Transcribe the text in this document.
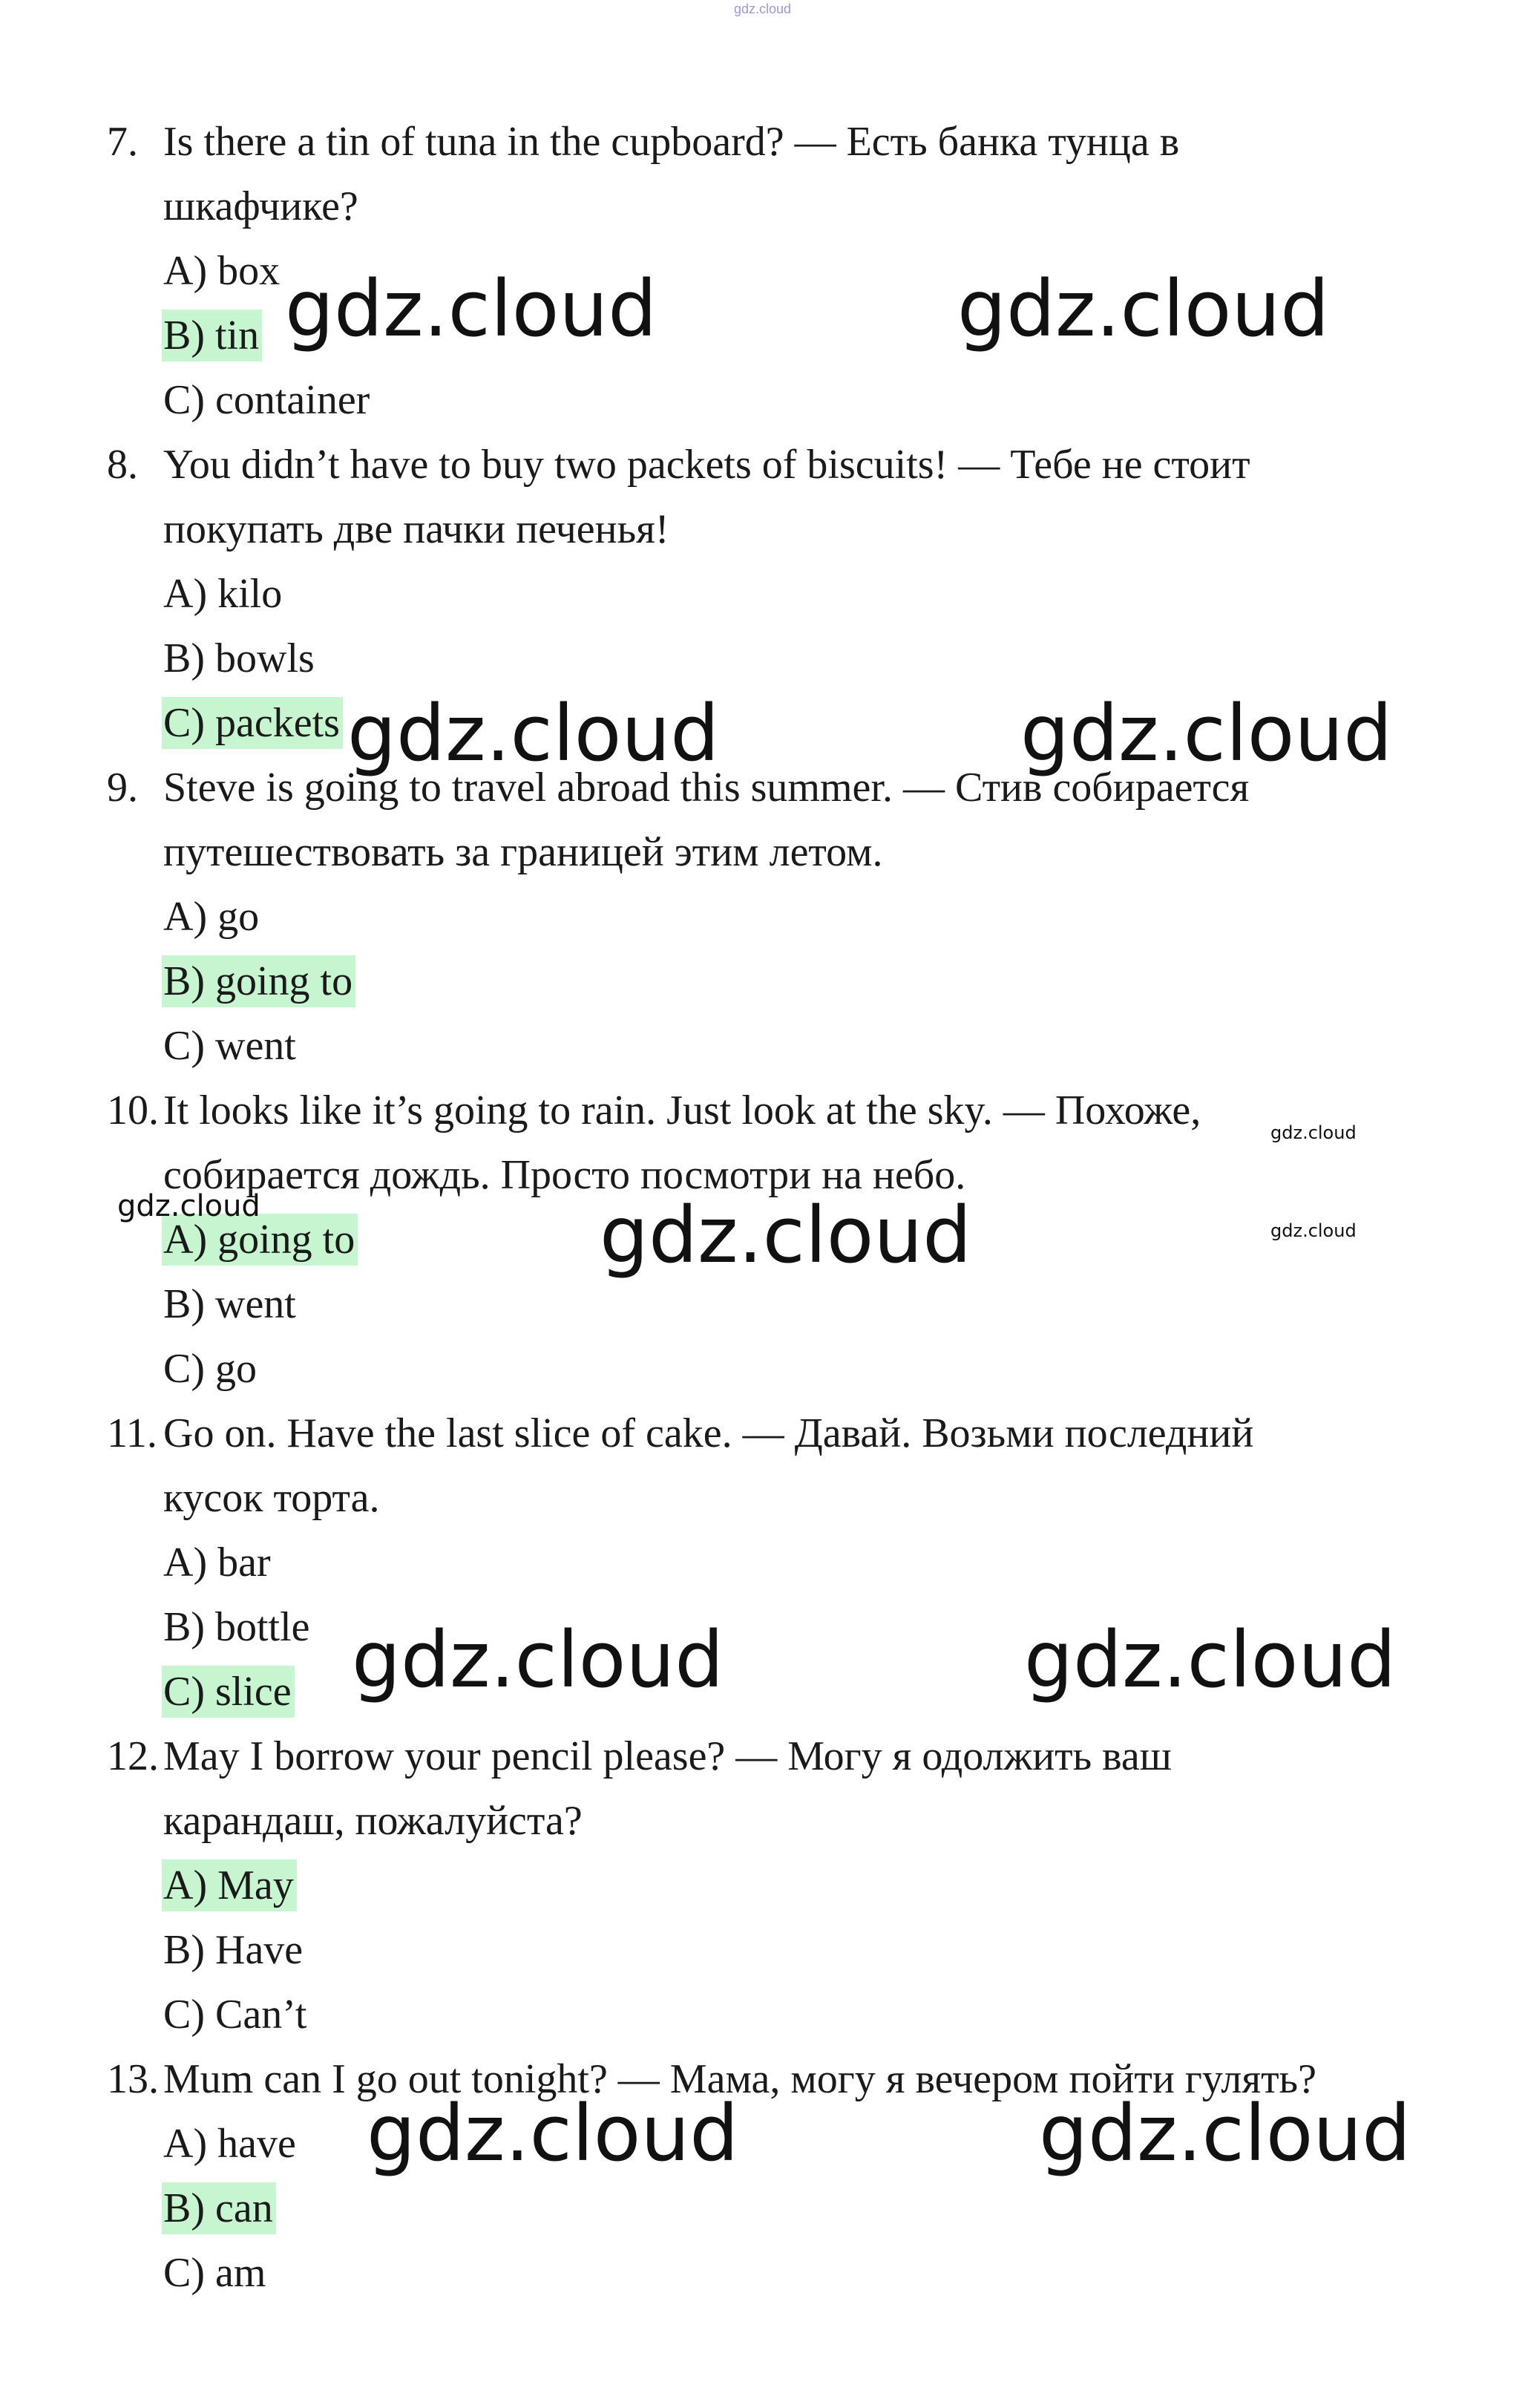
gdz.cloud
7. Is there a tin of tuna in the cupboard? — Есть банка тунца в
шкафчике?
A) box
B) tin
C) container
8. You didn’t have to buy two packets of biscuits! — Тебе не стоит
покупать две пачки печенья!
A) kilo
B) bowls
C) packets
9. Steve is going to travel abroad this summer. — Стив собирается
путешествовать за границей этим летом.
A) go
B) going to
C) went
10. It looks like it’s going to rain. Just look at the sky. — Похоже,
собирается дождь. Просто посмотри на небо.
A) going to
B) went
C) go
11. Go on. Have the last slice of cake. — Давай. Возьми последний
кусок торта.
A) bar
B) bottle
C) slice
12. May I borrow your pencil please? — Могу я одолжить ваш
карандаш, пожалуйста?
A) May
B) Have
C) Can’t
13. Mum can I go out tonight? — Мама, могу я вечером пойти гулять?
A) have
B) can
C) am
gdz.cloud	gdz.cloud
gdz.cloud	gdz.cloud
gdz.cloud
gdz.cloud	gdz.cloud	gdz.cloud
gdz.cloud	gdz.cloud
gdz.cloud	gdz.cloud
